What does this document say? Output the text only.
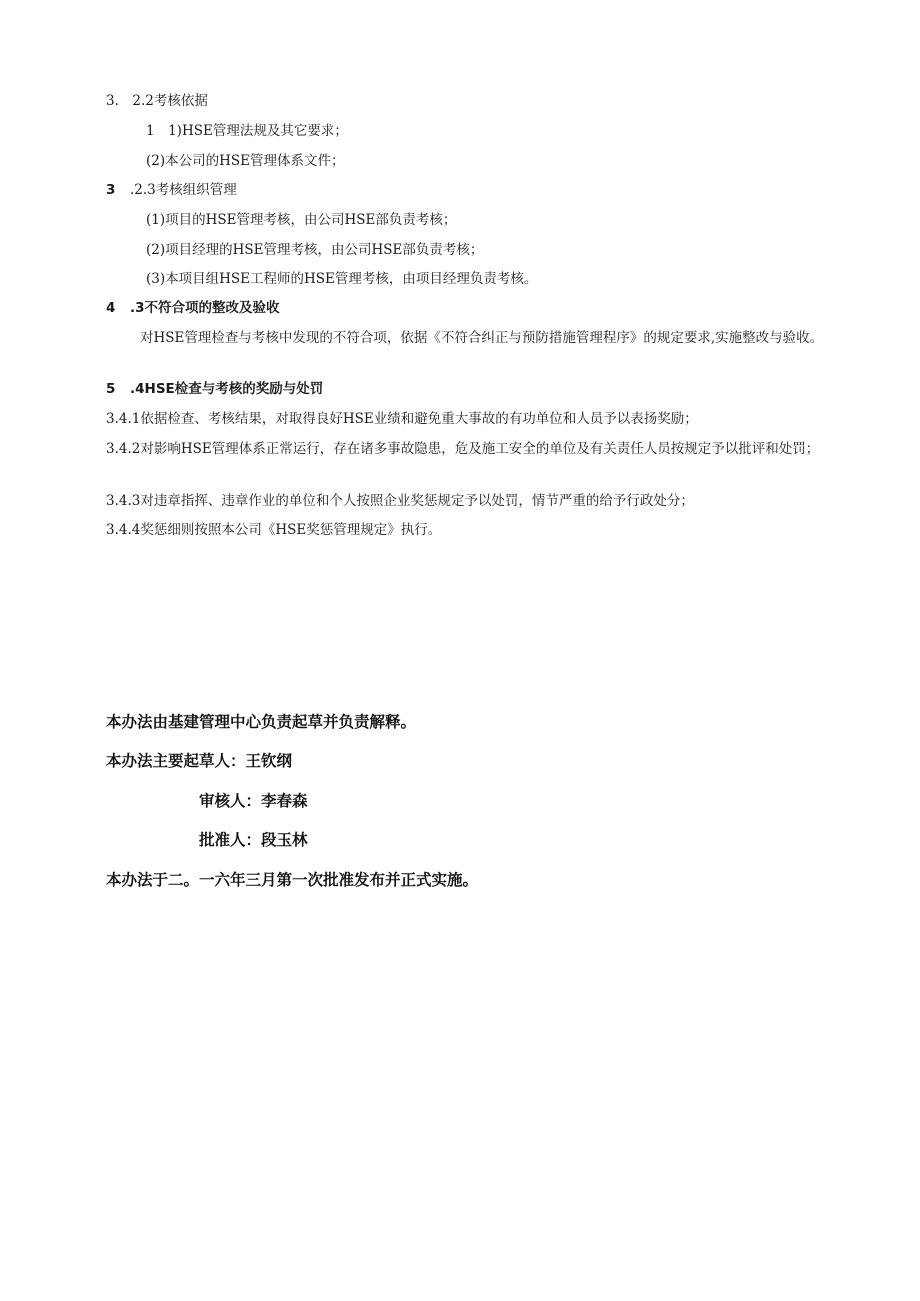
3.　2.2考核依据
1　1)HSE管理法规及其它要求；
(2)本公司的HSE管理体系文件；
3 .2.3考核组织管理
(1)项目的HSE管理考核，由公司HSE部负责考核；
(2)项目经理的HSE管理考核，由公司HSE部负责考核；
(3)本项目组HSE工程师的HSE管理考核，由项目经理负责考核。
4 .3不符合项的整改及验收
对HSE管理检查与考核中发现的不符合项，依据《不符合纠正与预防措施管理程序》的规定要求,实施整改与验收。
5 .4HSE检查与考核的奖励与处罚
3.4.1依据检查、考核结果，对取得良好HSE业绩和避免重大事故的有功单位和人员予以表扬奖励；
3.4.2对影响HSE管理体系正常运行，存在诸多事故隐患，危及施工安全的单位及有关责任人员按规定予以批评和处罚；
3.4.3对违章指挥、违章作业的单位和个人按照企业奖惩规定予以处罚，情节严重的给予行政处分；
3.4.4奖惩细则按照本公司《HSE奖惩管理规定》执行。
本办法由基建管理中心负责起草并负责解释。
本办法主要起草人：王钦纲
审核人：李春森
批准人：段玉林
本办法于二。一六年三月第一次批准发布并正式实施。
